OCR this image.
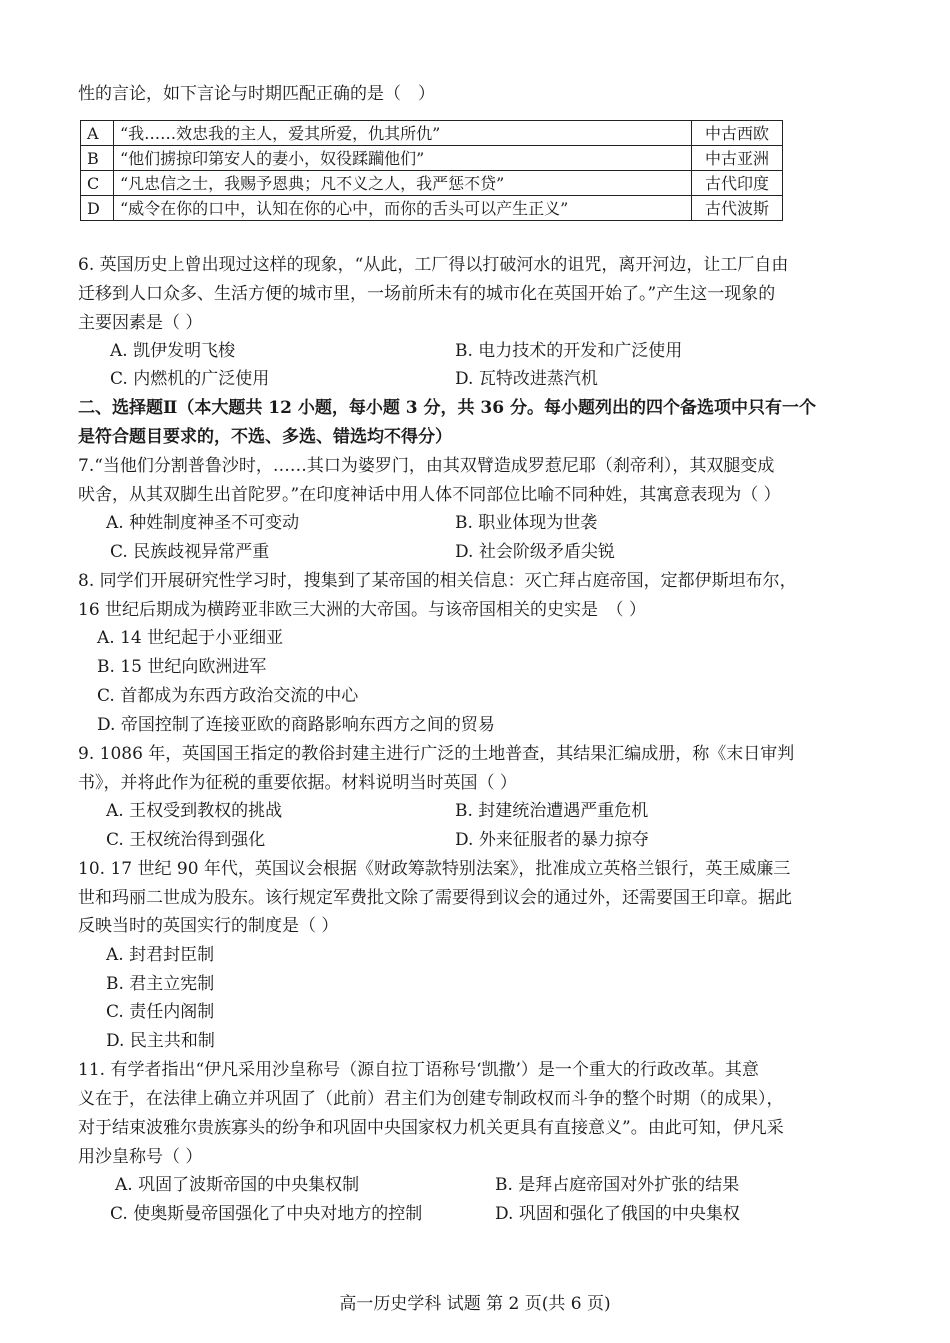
性的言论，如下言论与时期匹配正确的是（　）
A	“我……效忠我的主人，爱其所爱，仇其所仇”	中古西欧
B	“他们掳掠印第安人的妻小，奴役蹂躏他们”	中古亚洲
C	“凡忠信之士，我赐予恩典；凡不义之人，我严惩不贷”	古代印度
D	“威令在你的口中，认知在你的心中，而你的舌头可以产生正义”	古代波斯
6. 英国历史上曾出现过这样的现象，“从此，工厂得以打破河水的诅咒，离开河边，让工厂自由
迁移到人口众多、生活方便的城市里，一场前所未有的城市化在英国开始了。”产生这一现象的
主要因素是（ ）
A. 凯伊发明飞梭	B. 电力技术的开发和广泛使用
C. 内燃机的广泛使用	D. 瓦特改进蒸汽机
二、选择题Ⅱ（本大题共 12 小题，每小题 3 分，共 36 分。每小题列出的四个备选项中只有一个
是符合题目要求的，不选、多选、错选均不得分）
7.“当他们分割普鲁沙时，……其口为婆罗门，由其双臂造成罗惹尼耶（刹帝利），其双腿变成
吠舍，从其双脚生出首陀罗。”在印度神话中用人体不同部位比喻不同种姓，其寓意表现为（ ）
A. 种姓制度神圣不可变动	B. 职业体现为世袭
C. 民族歧视异常严重	D. 社会阶级矛盾尖锐
8. 同学们开展研究性学习时，搜集到了某帝国的相关信息：灭亡拜占庭帝国，定都伊斯坦布尔，
16 世纪后期成为横跨亚非欧三大洲的大帝国。与该帝国相关的史实是　（ ）
A. 14 世纪起于小亚细亚
B. 15 世纪向欧洲进军
C. 首都成为东西方政治交流的中心
D. 帝国控制了连接亚欧的商路影响东西方之间的贸易
9. 1086 年，英国国王指定的教俗封建主进行广泛的土地普查，其结果汇编成册，称《末日审判
书》，并将此作为征税的重要依据。材料说明当时英国（ ）
A. 王权受到教权的挑战	B. 封建统治遭遇严重危机
C. 王权统治得到强化	D. 外来征服者的暴力掠夺
10. 17 世纪 90 年代，英国议会根据《财政筹款特别法案》，批准成立英格兰银行，英王威廉三
世和玛丽二世成为股东。该行规定军费批文除了需要得到议会的通过外，还需要国王印章。据此
反映当时的英国实行的制度是（ ）
A. 封君封臣制
B. 君主立宪制
C. 责任内阁制
D. 民主共和制
11. 有学者指出“伊凡采用沙皇称号（源自拉丁语称号‘凯撒’）是一个重大的行政改革。其意
义在于，在法律上确立并巩固了（此前）君主们为创建专制政权而斗争的整个时期（的成果），
对于结束波雅尔贵族寡头的纷争和巩固中央国家权力机关更具有直接意义”。由此可知，伊凡采
用沙皇称号（ ）
A. 巩固了波斯帝国的中央集权制	B. 是拜占庭帝国对外扩张的结果
C. 使奥斯曼帝国强化了中央对地方的控制	D. 巩固和强化了俄国的中央集权
高一历史学科 试题 第 2 页(共 6 页)
